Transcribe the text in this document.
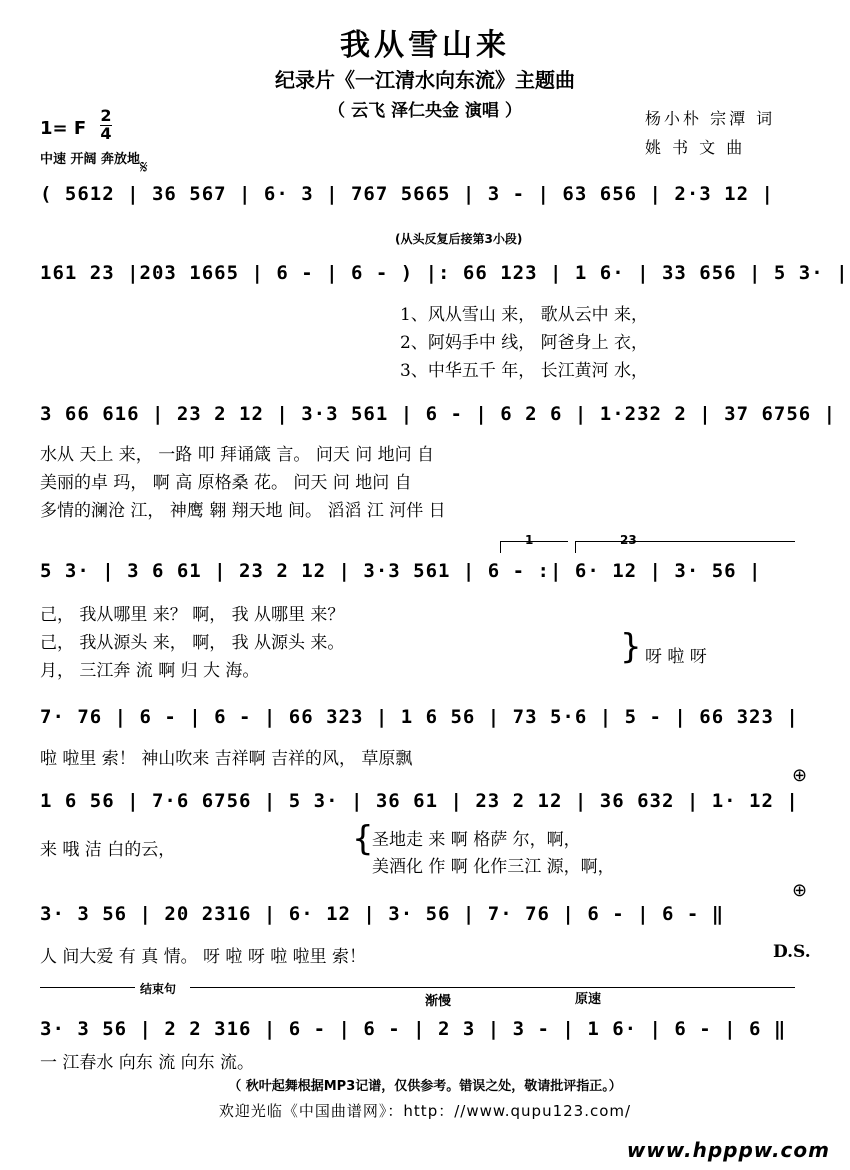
我从雪山来
纪录片《一江清水向东流》主题曲
（ 云飞 泽仁央金 演唱 ）	杨小朴 宗潭 词
姚 书 文 曲
1= F
2
4
中速 开阔 奔放地 𝄋
( 5612 | 36 567 | 6· 3 | 767 5665 | 3 - | 63 656 | 2·3 12 |
(从头反复后接第3小段)
161 23 |203 1665 | 6 - | 6 - ) |: 66 123 | 1 6· | 33 656 | 5 3· |
1、风从雪山 来， 歌从云中 来，
2、阿妈手中 线， 阿爸身上 衣，
3、中华五千 年， 长江黄河 水，
3 66 616 | 23 2 12 | 3·3 561 | 6 - | 6 2 6 | 1·232 2 | 37 6756 |
水从 天上 来， 一路 叩 拜诵箴 言。 问天 问 地问 自
美丽的卓 玛， 啊 高 原格桑 花。 问天 问 地问 自
多情的澜沧 江， 神鹰 翱 翔天地 间。 滔滔 江 河伴 日
1	23
5 3· | 3 6 61 | 23 2 12 | 3·3 561 | 6 - :| 6· 12 | 3· 56 |
己， 我从哪里 来？ 啊， 我 从哪里 来？
己， 我从源头 来， 啊， 我 从源头 来。
月， 三江奔 流 啊 归 大 海。
} 呀 啦 呀
7· 76 | 6 - | 6 - | 66 323 | 1 6 56 | 73 5·6 | 5 - | 66 323 |
啦 啦里 索！ 神山吹来 吉祥啊 吉祥的风， 草原飘
⊕
1 6 56 | 7·6 6756 | 5 3· | 36 61 | 23 2 12 | 36 632 | 1· 12 |
来 哦 洁 白的云，	{
圣地走 来 啊 格萨 尔，啊，
美酒化 作 啊 化作三江 源，啊，
⊕
3· 3 56 | 20 2316 | 6· 12 | 3· 56 | 7· 76 | 6 - | 6 - ‖
人 间大爱 有 真 情。 呀 啦 呀 啦 啦里 索！	D.S.
结束句
渐慢	原速
3· 3 56 | 2 2 316 | 6 - | 6 - | 2 3 | 3 - | 1 6· | 6 - | 6 ‖
一 江春水 向东 流 向东 流。
（ 秋叶起舞根据MP3记谱，仅供参考。错误之处，敬请批评指正。）
欢迎光临《中国曲谱网》：http：//www.qupu123.com/
www.hpppw.com
